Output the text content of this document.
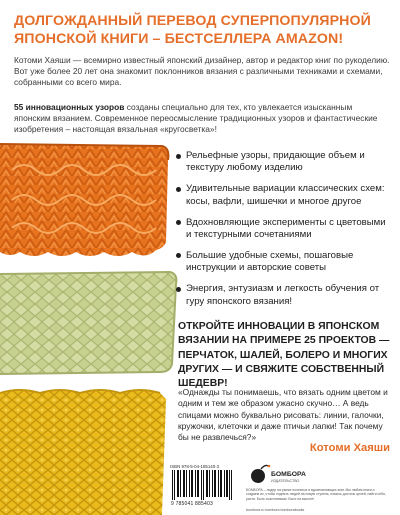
ДОЛГОЖДАННЫЙ ПЕРЕВОД СУПЕРПОПУЛЯРНОЙ ЯПОНСКОЙ КНИГИ – БЕСТСЕЛЛЕРА AMAZON!
Котоми Хаяши — всемирно известный японский дизайнер, автор и редактор книг по рукоделию. Вот уже более 20 лет она знакомит поклонников вязания с различными техниками и схемами, собранными со всего мира.
55 инновационных узоров созданы специально для тех, кто увлекается изысканным японским вязанием. Современное переосмысление традиционных узоров и фантастические изобретения – настоящая вязальная «кругосветка»!
Рельефные узоры, придающие объем и текстуру любому изделию
Удивительные вариации классических схем: косы, вафли, шишечки и многое другое
Вдохновляющие эксперименты с цветовыми и текстурными сочетаниями
Большие удобные схемы, пошаговые инструкции и авторские советы
Энергия, энтузиазм и легкость обучения от гуру японского вязания!
ОТКРОЙТЕ ИННОВАЦИИ В ЯПОНСКОМ ВЯЗАНИИ НА ПРИМЕРЕ 25 ПРОЕКТОВ — ПЕРЧАТОК, ШАЛЕЙ, БОЛЕРО И МНОГИХ ДРУГИХ — И СВЯЖИТЕ СОБСТВЕННЫЙ ШЕДЕВР!
«Однажды ты понимаешь, что вязать одним цветом и одним и тем же образом ужасно скучно… А ведь спицами можно буквально рисовать: линии, галочки, кружочки, клеточки и даже птичьи лапки! Так почему бы не развлечься?»
Котоми Хаяши
ISBN 978-5-04-185140-3
9 785041 885403
БОМБОРА
ИЗДАТЕЛЬСТВО
БОМБОРА – лидер на рынке полезных и вдохновляющих книг. Мы любим книги и создаем их, чтобы поднять людей на новую ступень, помочь достичь целей, найти себя, расти. Быть счастливыми. Быть на высоте!
bombora.ru bombora bomborabooks
